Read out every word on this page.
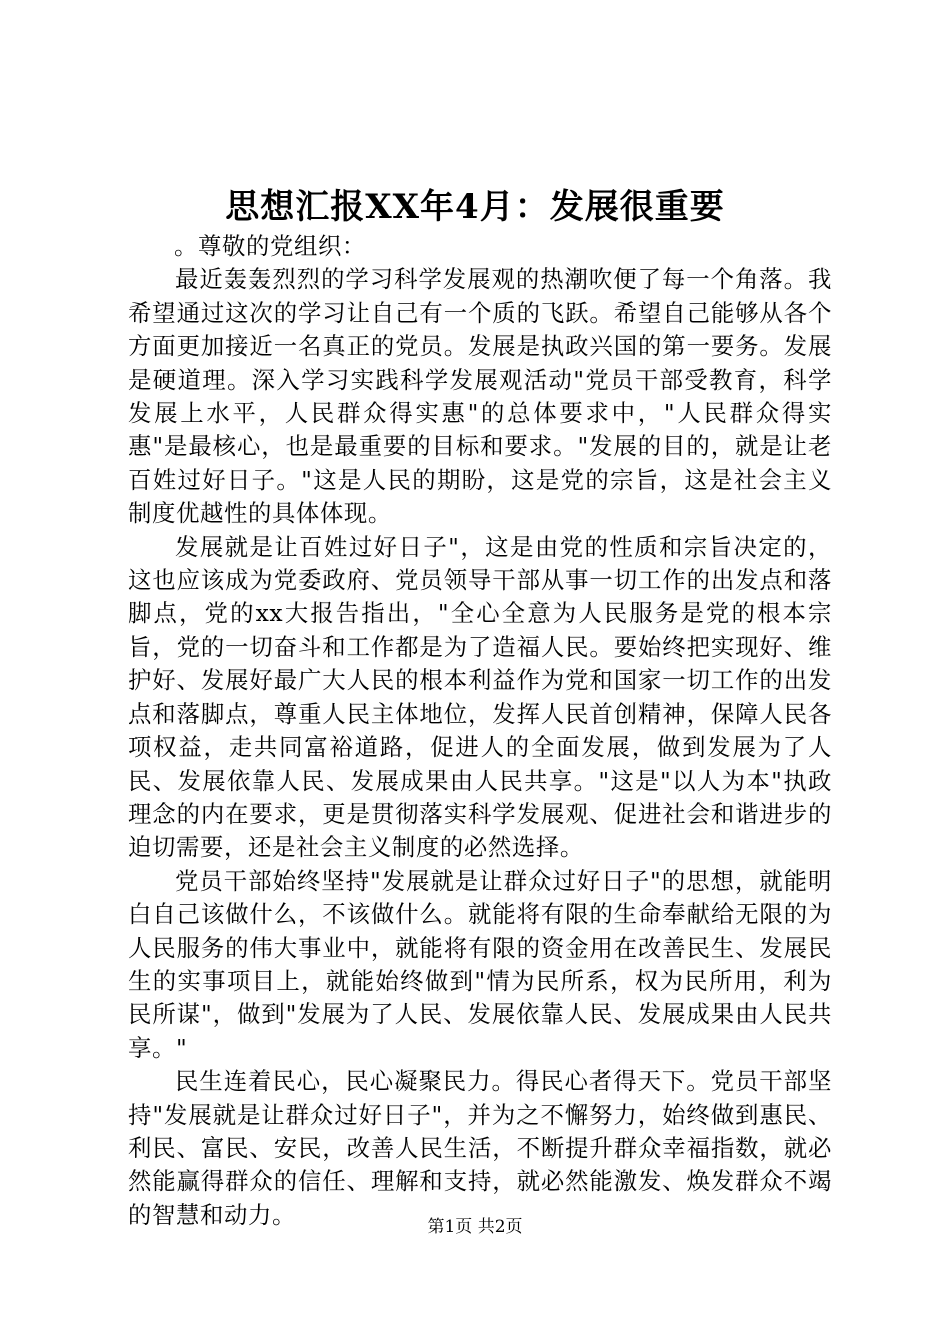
思想汇报XX年4月：发展很重要

。尊敬的党组织：

最近轰轰烈烈的学习科学发展观的热潮吹便了每一个角落。我希望通过这次的学习让自己有一个质的飞跃。希望自己能够从各个方面更加接近一名真正的党员。发展是执政兴国的第一要务。发展是硬道理。深入学习实践科学发展观活动"党员干部受教育，科学发展上水平，人民群众得实惠"的总体要求中，"人民群众得实惠"是最核心，也是最重要的目标和要求。"发展的目的，就是让老百姓过好日子。"这是人民的期盼，这是党的宗旨，这是社会主义制度优越性的具体体现。

发展就是让百姓过好日子"，这是由党的性质和宗旨决定的，这也应该成为党委政府、党员领导干部从事一切工作的出发点和落脚点，党的xx大报告指出，"全心全意为人民服务是党的根本宗旨，党的一切奋斗和工作都是为了造福人民。要始终把实现好、维护好、发展好最广大人民的根本利益作为党和国家一切工作的出发点和落脚点，尊重人民主体地位，发挥人民首创精神，保障人民各项权益，走共同富裕道路，促进人的全面发展，做到发展为了人民、发展依靠人民、发展成果由人民共享。"这是"以人为本"执政理念的内在要求，更是贯彻落实科学发展观、促进社会和谐进步的迫切需要，还是社会主义制度的必然选择。

党员干部始终坚持"发展就是让群众过好日子"的思想，就能明白自己该做什么，不该做什么。就能将有限的生命奉献给无限的为人民服务的伟大事业中，就能将有限的资金用在改善民生、发展民生的实事项目上，就能始终做到"情为民所系，权为民所用，利为民所谋"，做到"发展为了人民、发展依靠人民、发展成果由人民共享。"

民生连着民心，民心凝聚民力。得民心者得天下。党员干部坚持"发展就是让群众过好日子"，并为之不懈努力，始终做到惠民、利民、富民、安民，改善人民生活，不断提升群众幸福指数，就必然能赢得群众的信任、理解和支持，就必然能激发、焕发群众不竭的智慧和动力。	第1页 共2页
